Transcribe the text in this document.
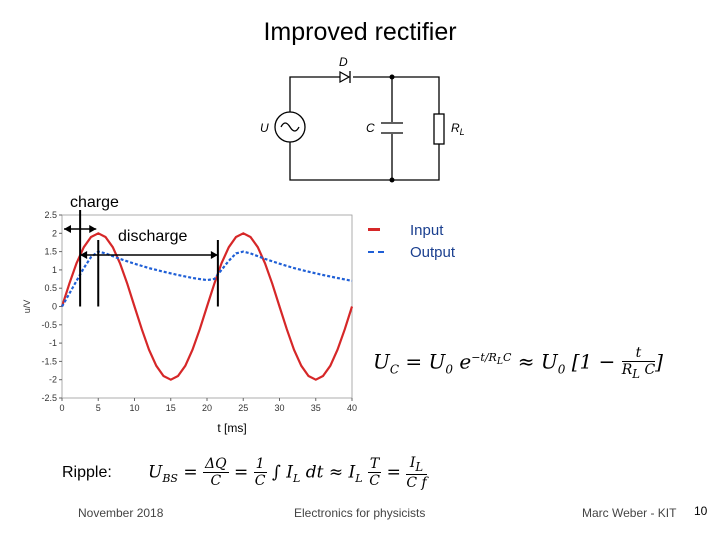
Improved rectifier
D
U	C	$R_L$
charge
discharge	Input
Output
2.5
2
1.5
1
0.5
0
-0.5
-1
-1.5
-2
-2.5
0	5	10	15	20	25	30	35	40
u/V
t [ms]
$U_C = U_0$ $e^{-t/R_LC} \approx U_0$ [$1 - \frac{t}{R_L C}$ ]
Ripple: $U_{BS} = \frac{\Delta Q}{C} = \frac{1}{C}$ ∫ $I_L$ dt ≈ $I_L \frac{T}{C} = \frac{I_L}{\text{C f}}$
November 2018	Electronics for physicists	Marc Weber - KIT 10
